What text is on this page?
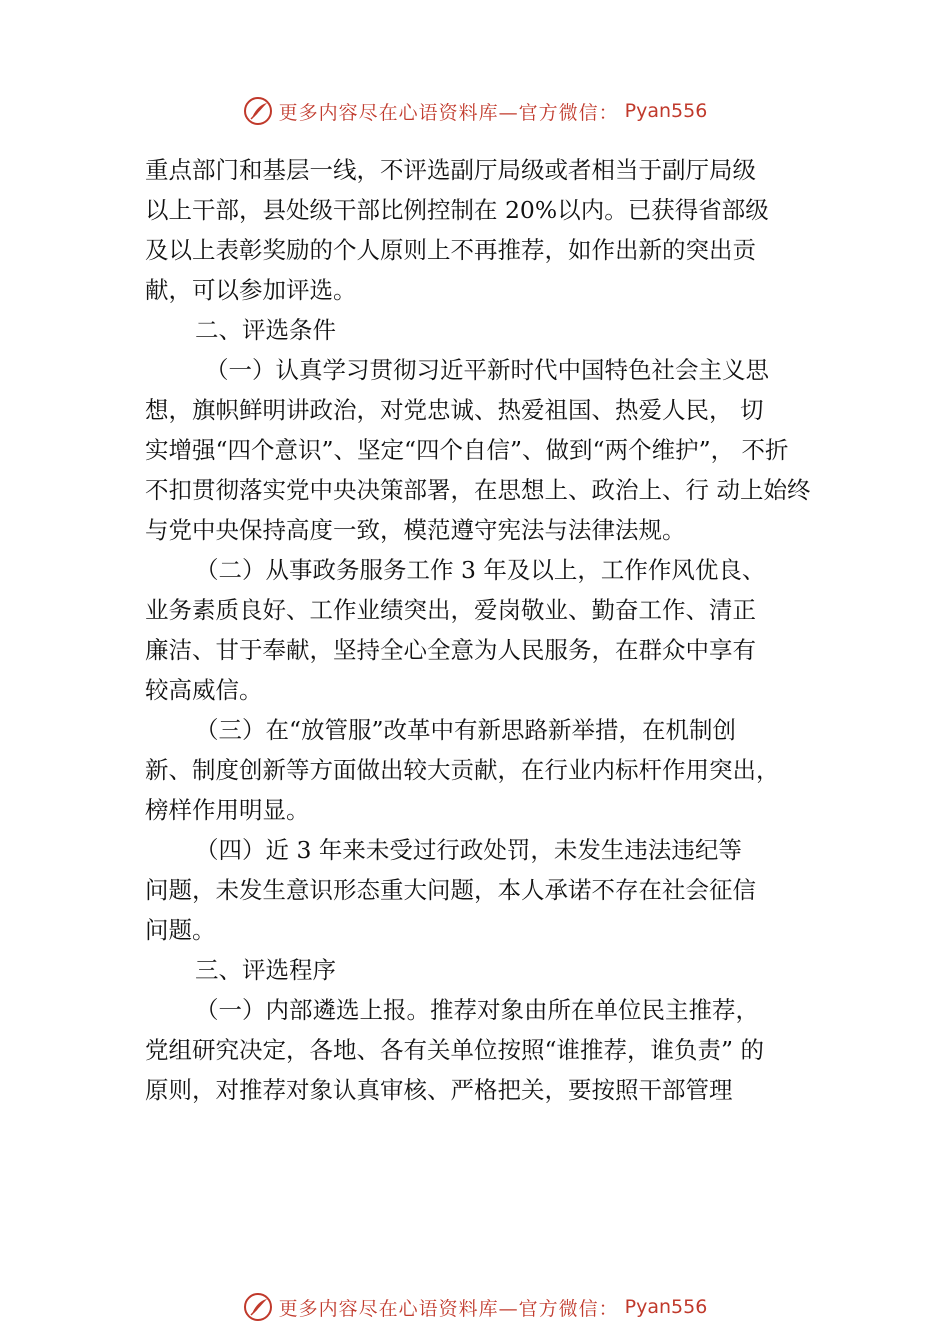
更多内容尽在心语资料库—官方微信： Pyan556

重点部门和基层一线，不评选副厅局级或者相当于副厅局级
以上干部，县处级干部比例控制在 20%以内。已获得省部级
及以上表彰奖励的个人原则上不再推荐，如作出新的突出贡
献，可以参加评选。

二、评选条件

（一）认真学习贯彻习近平新时代中国特色社会主义思
想，旗帜鲜明讲政治，对党忠诚、热爱祖国、热爱人民， 切
实增强“四个意识”、坚定“四个自信”、做到“两个维护”， 不折
不扣贯彻落实党中央决策部署，在思想上、政治上、行 动上始终
与党中央保持高度一致，模范遵守宪法与法律法规。

（二）从事政务服务工作 3 年及以上，工作作风优良、
业务素质良好、工作业绩突出，爱岗敬业、勤奋工作、清正
廉洁、甘于奉献，坚持全心全意为人民服务，在群众中享有
较高威信。

（三）在“放管服”改革中有新思路新举措，在机制创
新、制度创新等方面做出较大贡献，在行业内标杆作用突出，
榜样作用明显。

（四）近 3 年来未受过行政处罚，未发生违法违纪等
问题，未发生意识形态重大问题，本人承诺不存在社会征信
问题。

三、评选程序

（一）内部遴选上报。推荐对象由所在单位民主推荐，
党组研究决定，各地、各有关单位按照“谁推荐，谁负责” 的
原则，对推荐对象认真审核、严格把关，要按照干部管理

更多内容尽在心语资料库—官方微信： Pyan556
